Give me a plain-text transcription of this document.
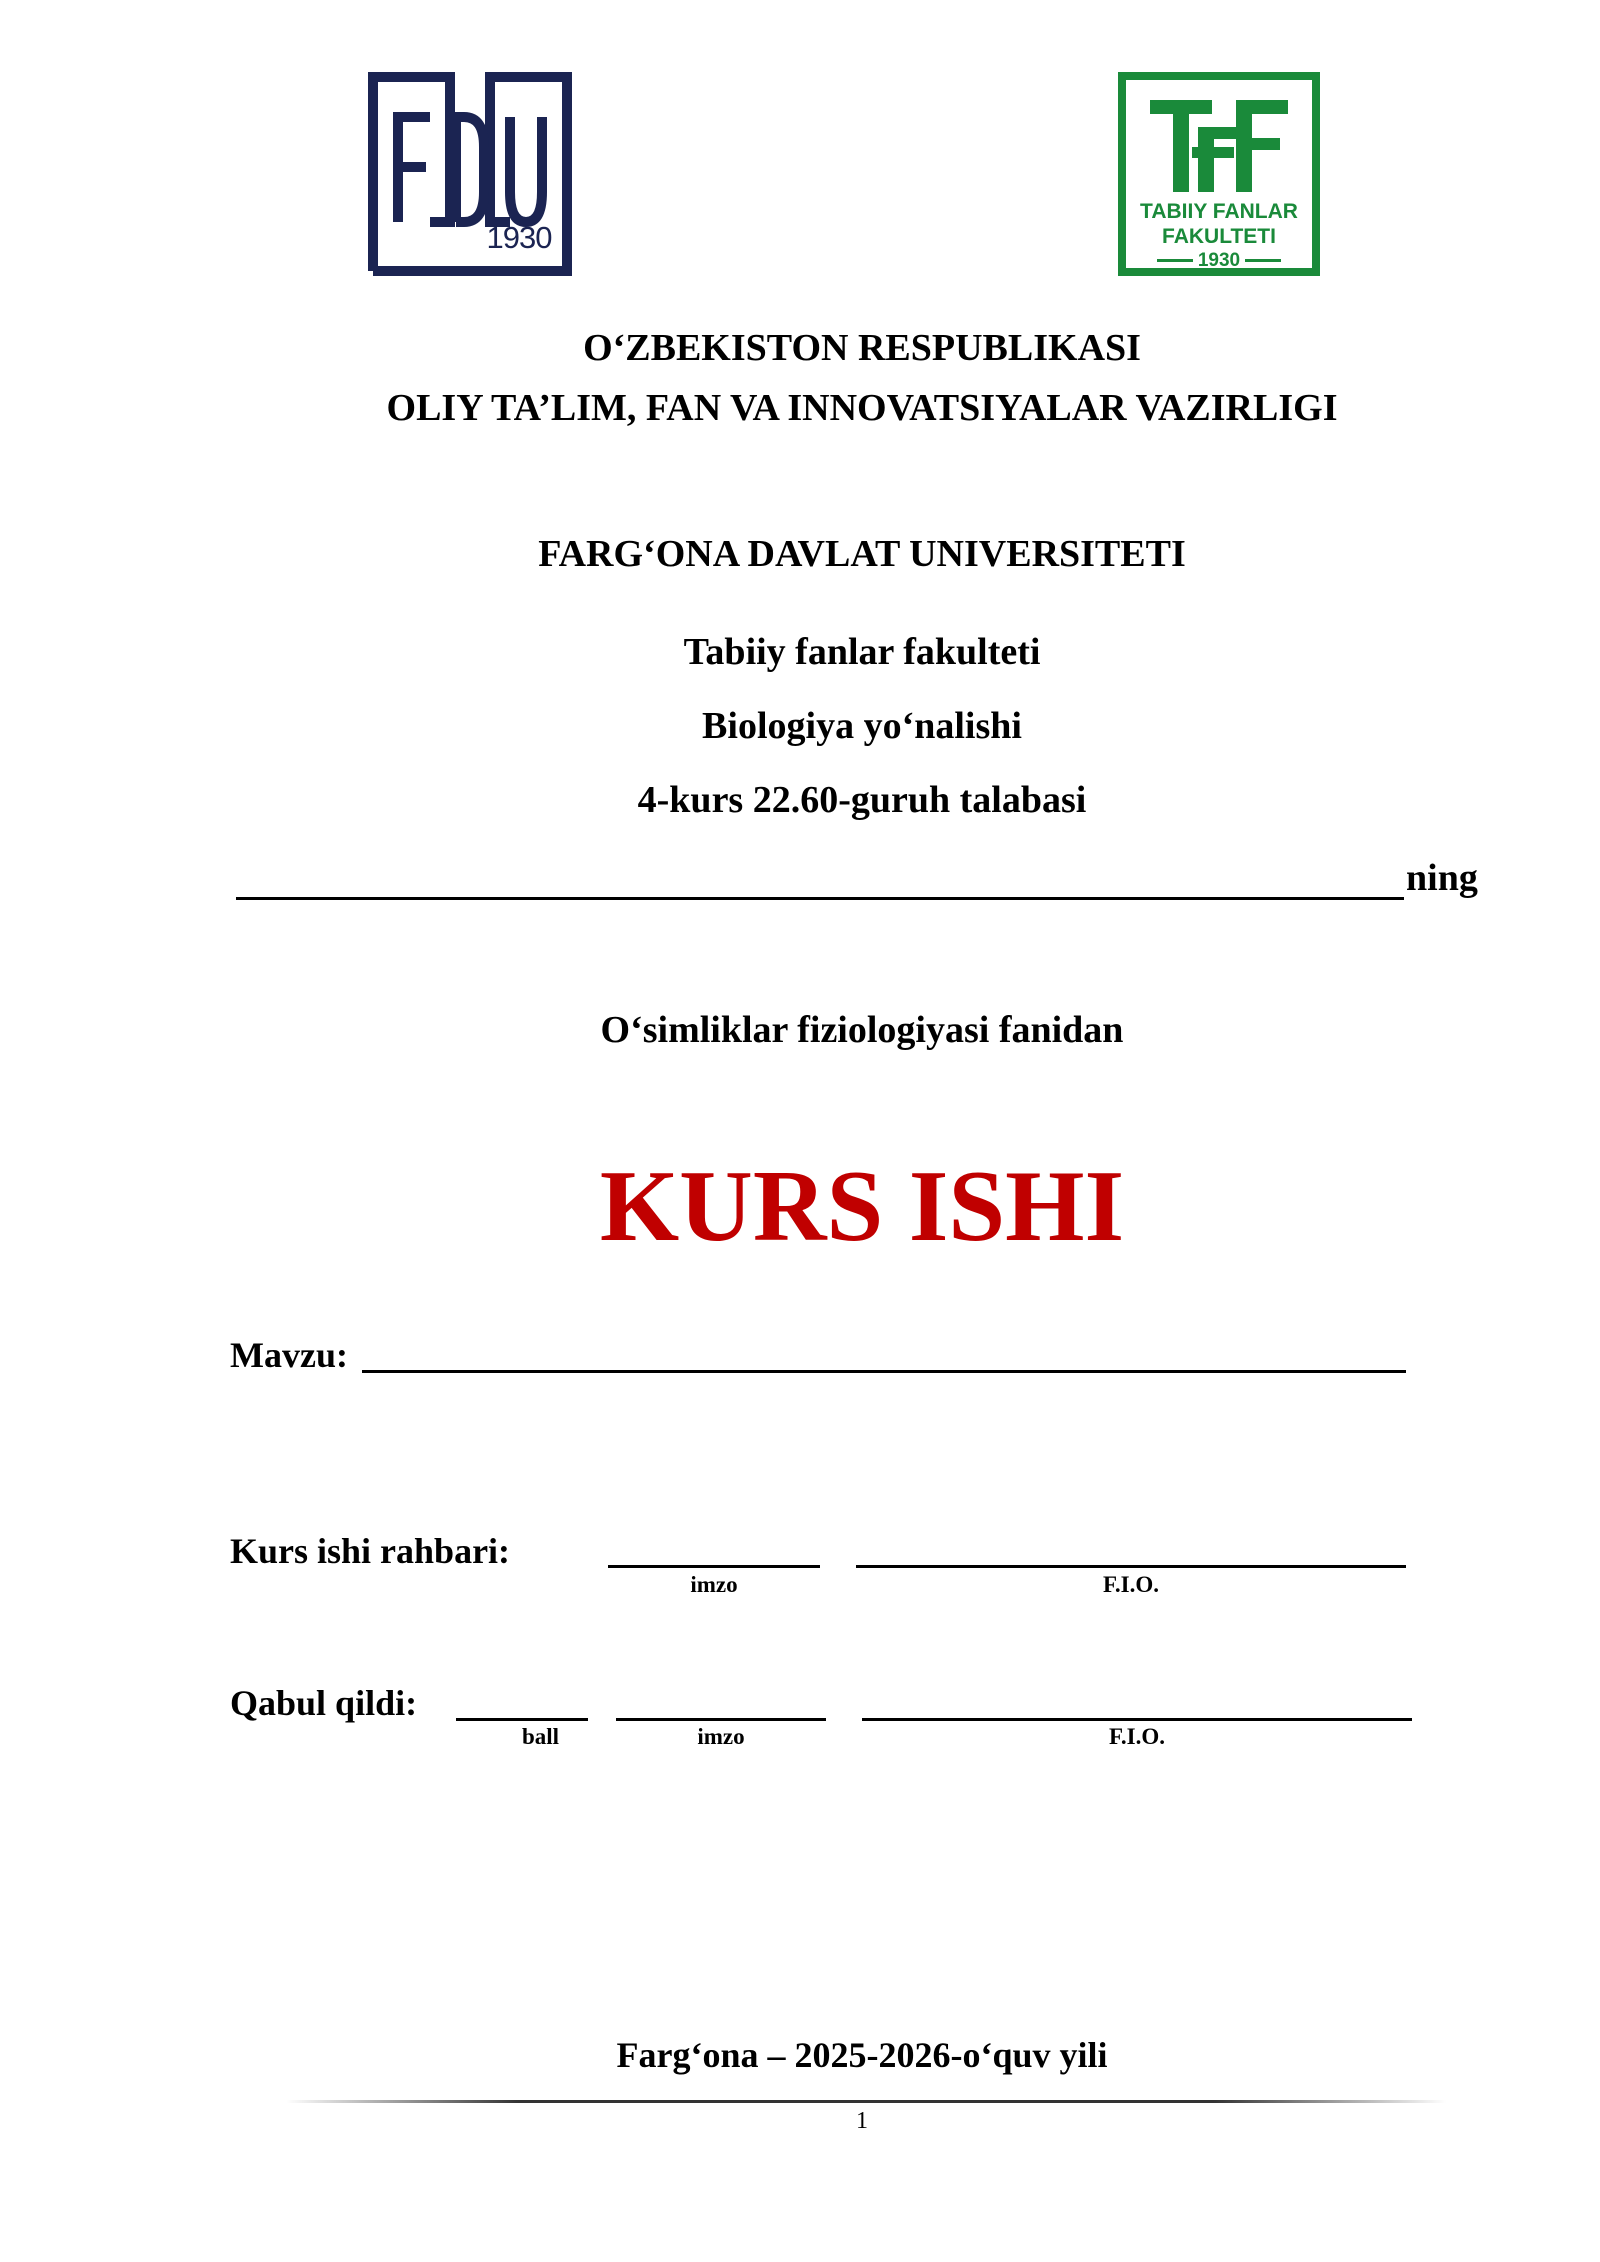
1930
TABIIY FANLAR
FAKULTETI
1930
O‘ZBEKISTON RESPUBLIKASI
OLIY TA’LIM, FAN VA INNOVATSIYALAR VAZIRLIGI
FARG‘ONA DAVLAT UNIVERSITETI
Tabiiy fanlar fakulteti
Biologiya yo‘nalishi
4-kurs 22.60-guruh talabasi
ning
O‘simliklar fiziologiyasi fanidan
KURS ISHI
Mavzu:
Kurs ishi rahbari:
imzo	F.I.O.
Qabul qildi:
ball	imzo	F.I.O.
Farg‘ona – 2025-2026-o‘quv yili
1
